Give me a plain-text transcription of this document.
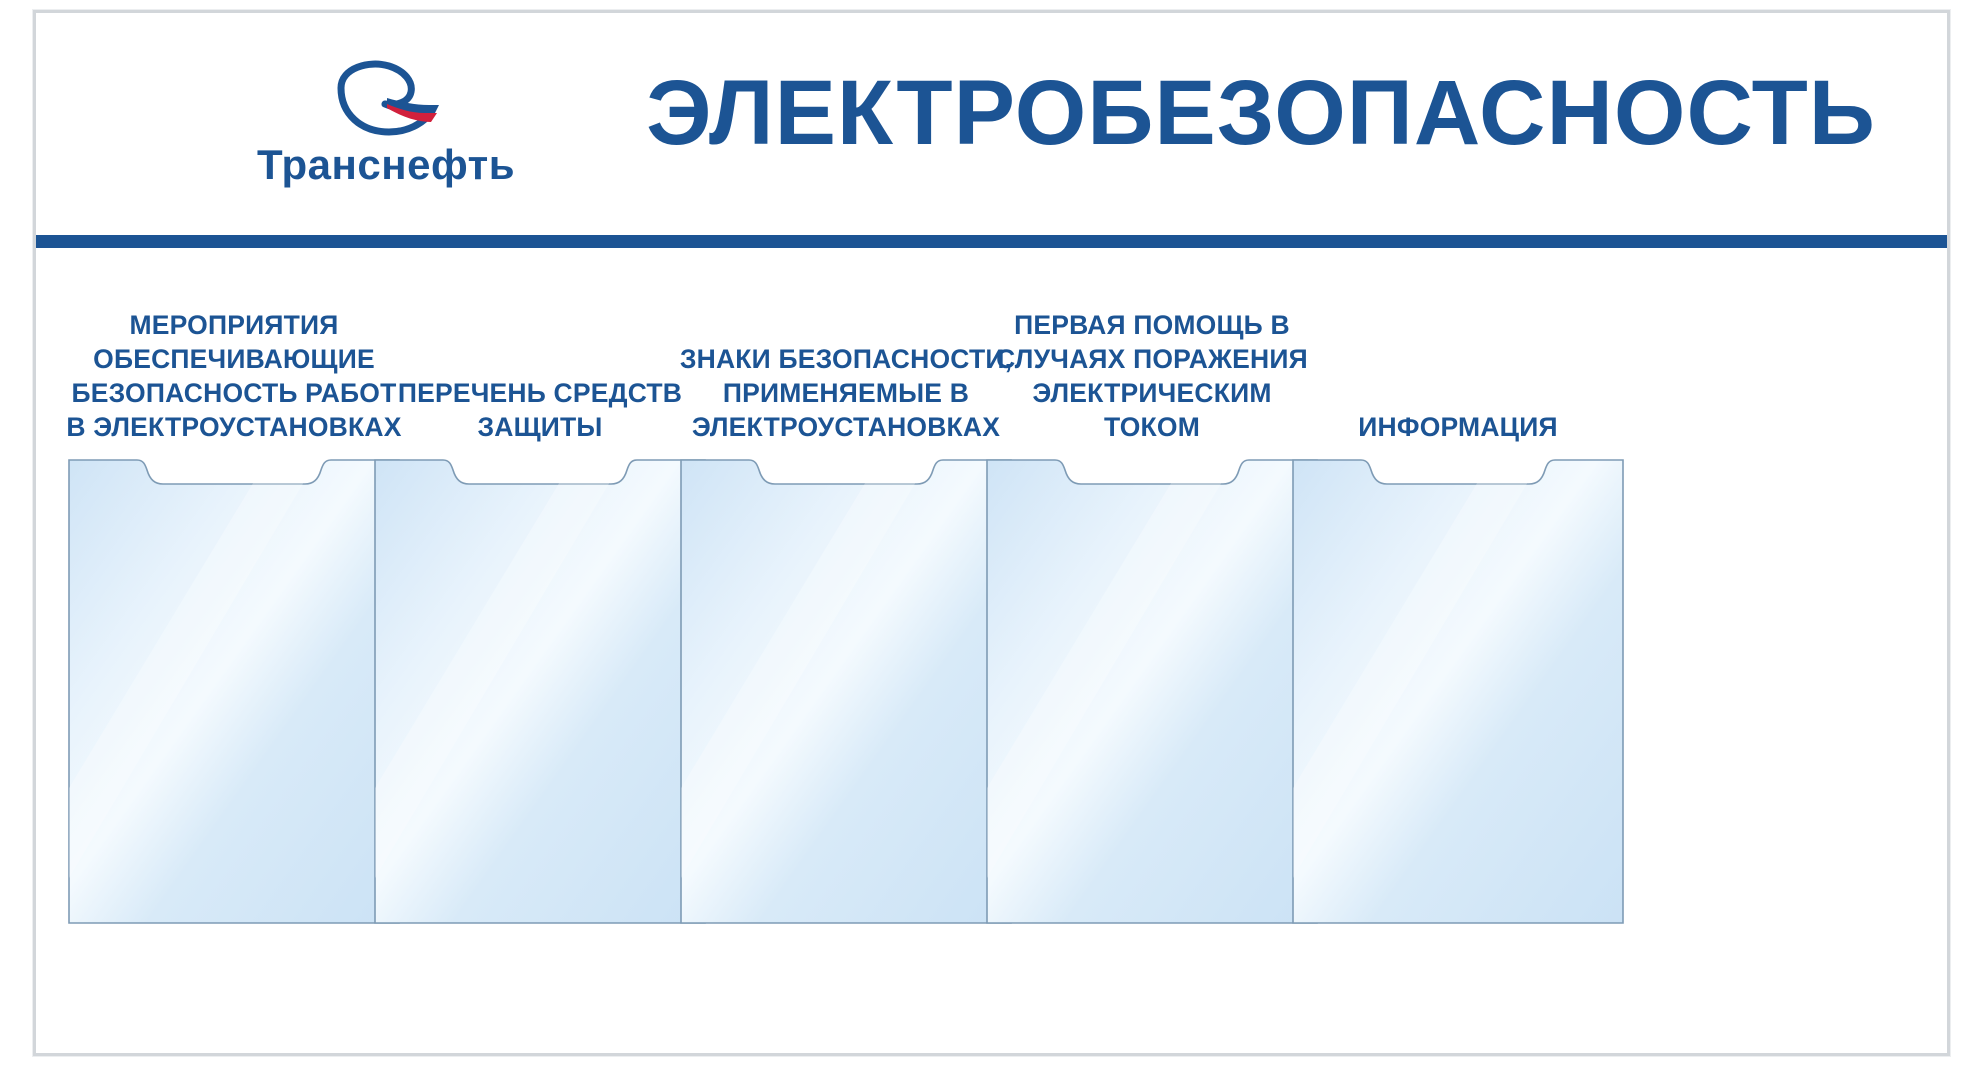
Транснефть
ЭЛЕКТРОБЕЗОПАСНОСТЬ
МЕРОПРИЯТИЯ ОБЕСПЕЧИВАЮЩИЕ БЕЗОПАСНОСТЬ РАБОТ В ЭЛЕКТРОУСТАНОВКАХ
ПЕРЕЧЕНЬ СРЕДСТВ ЗАЩИТЫ
ЗНАКИ БЕЗОПАСНОСТИ, ПРИМЕНЯЕМЫЕ В ЭЛЕКТРОУСТАНОВКАХ
ПЕРВАЯ ПОМОЩЬ В СЛУЧАЯХ ПОРАЖЕНИЯ ЭЛЕКТРИЧЕСКИМ ТОКОМ	ИНФОРМАЦИЯ
